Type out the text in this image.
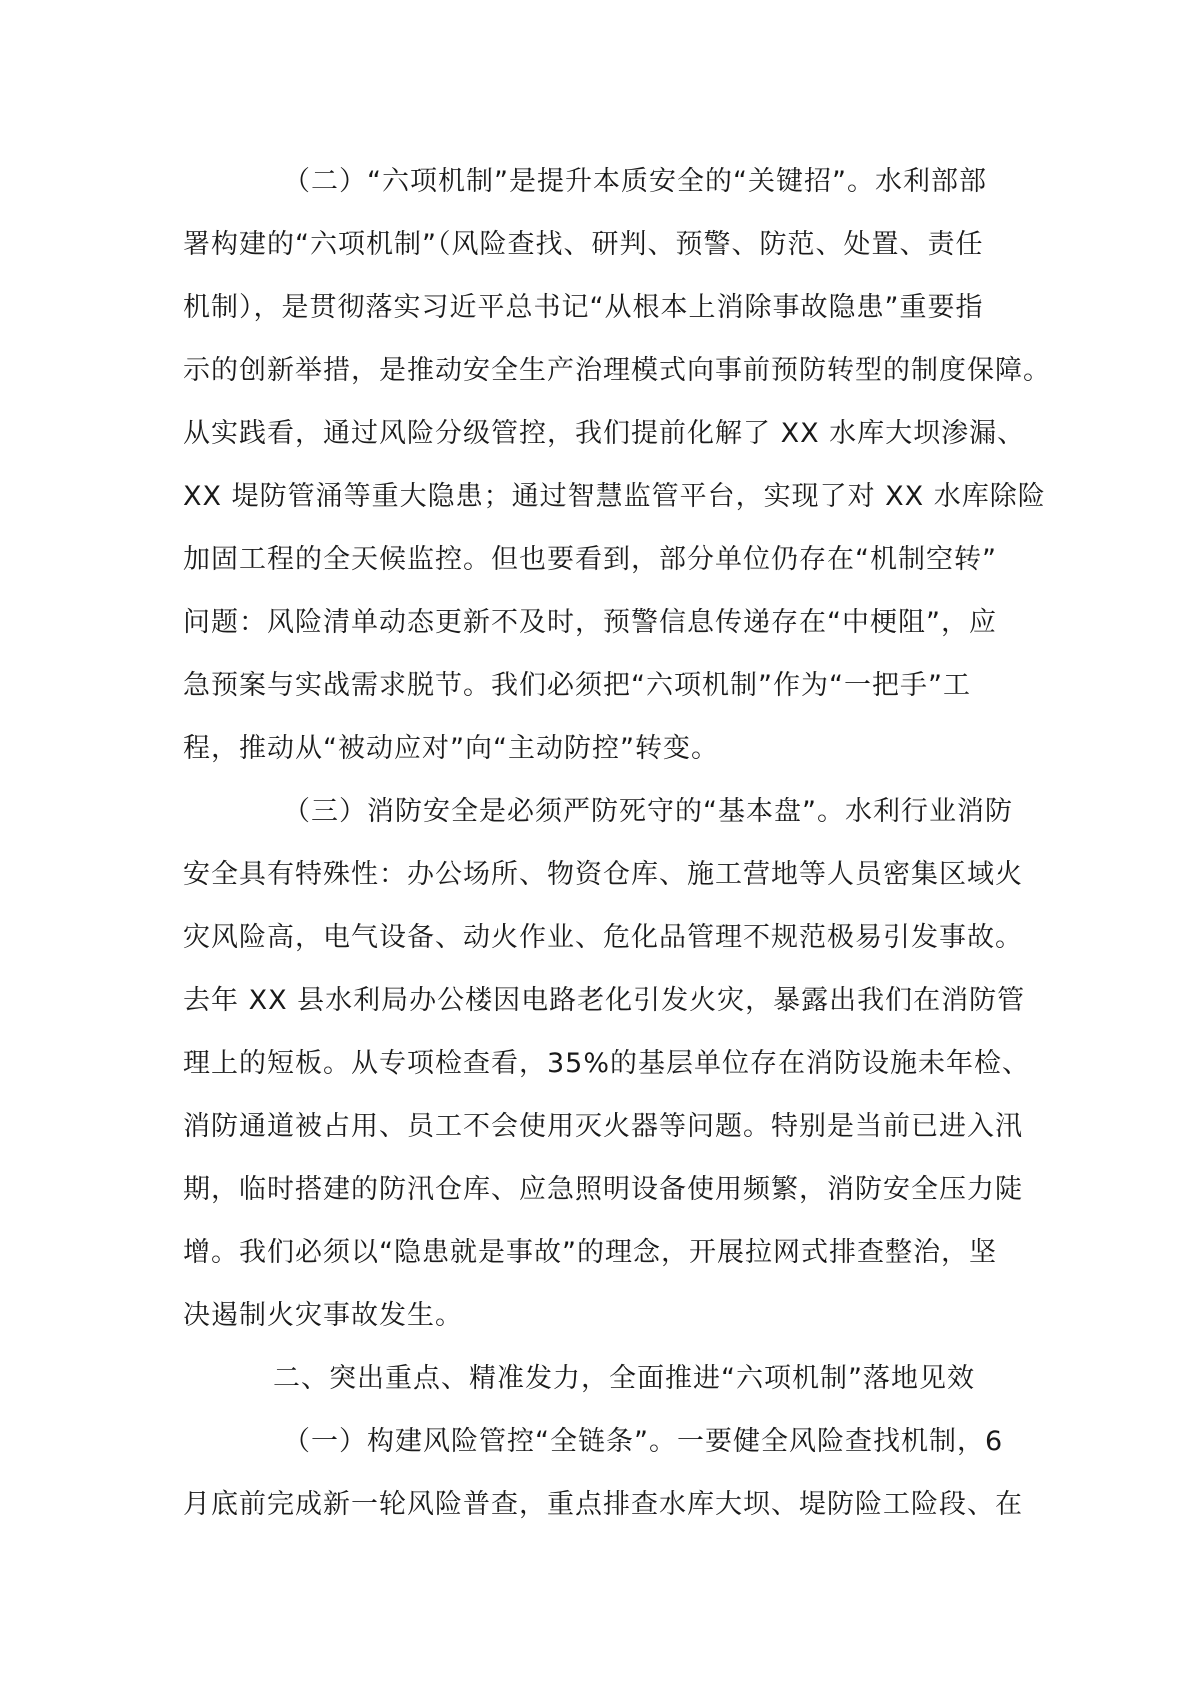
（二）“六项机制”是提升本质安全的“关键招”。水利部部
署构建的“六项机制”（风险查找、研判、预警、防范、处置、责任
机制），是贯彻落实习近平总书记“从根本上消除事故隐患”重要指
示的创新举措，是推动安全生产治理模式向事前预防转型的制度保障。
从实践看，通过风险分级管控，我们提前化解了 XX 水库大坝渗漏、
XX 堤防管涌等重大隐患；通过智慧监管平台，实现了对 XX 水库除险
加固工程的全天候监控。但也要看到，部分单位仍存在“机制空转”
问题：风险清单动态更新不及时，预警信息传递存在“中梗阻”，应
急预案与实战需求脱节。我们必须把“六项机制”作为“一把手”工
程，推动从“被动应对”向“主动防控”转变。
（三）消防安全是必须严防死守的“基本盘”。水利行业消防
安全具有特殊性：办公场所、物资仓库、施工营地等人员密集区域火
灾风险高，电气设备、动火作业、危化品管理不规范极易引发事故。
去年 XX 县水利局办公楼因电路老化引发火灾，暴露出我们在消防管
理上的短板。从专项检查看，35%的基层单位存在消防设施未年检、
消防通道被占用、员工不会使用灭火器等问题。特别是当前已进入汛
期，临时搭建的防汛仓库、应急照明设备使用频繁，消防安全压力陡
增。我们必须以“隐患就是事故”的理念，开展拉网式排查整治，坚
决遏制火灾事故发生。
二、突出重点、精准发力，全面推进“六项机制”落地见效
（一）构建风险管控“全链条”。一要健全风险查找机制，6
月底前完成新一轮风险普查，重点排查水库大坝、堤防险工险段、在
